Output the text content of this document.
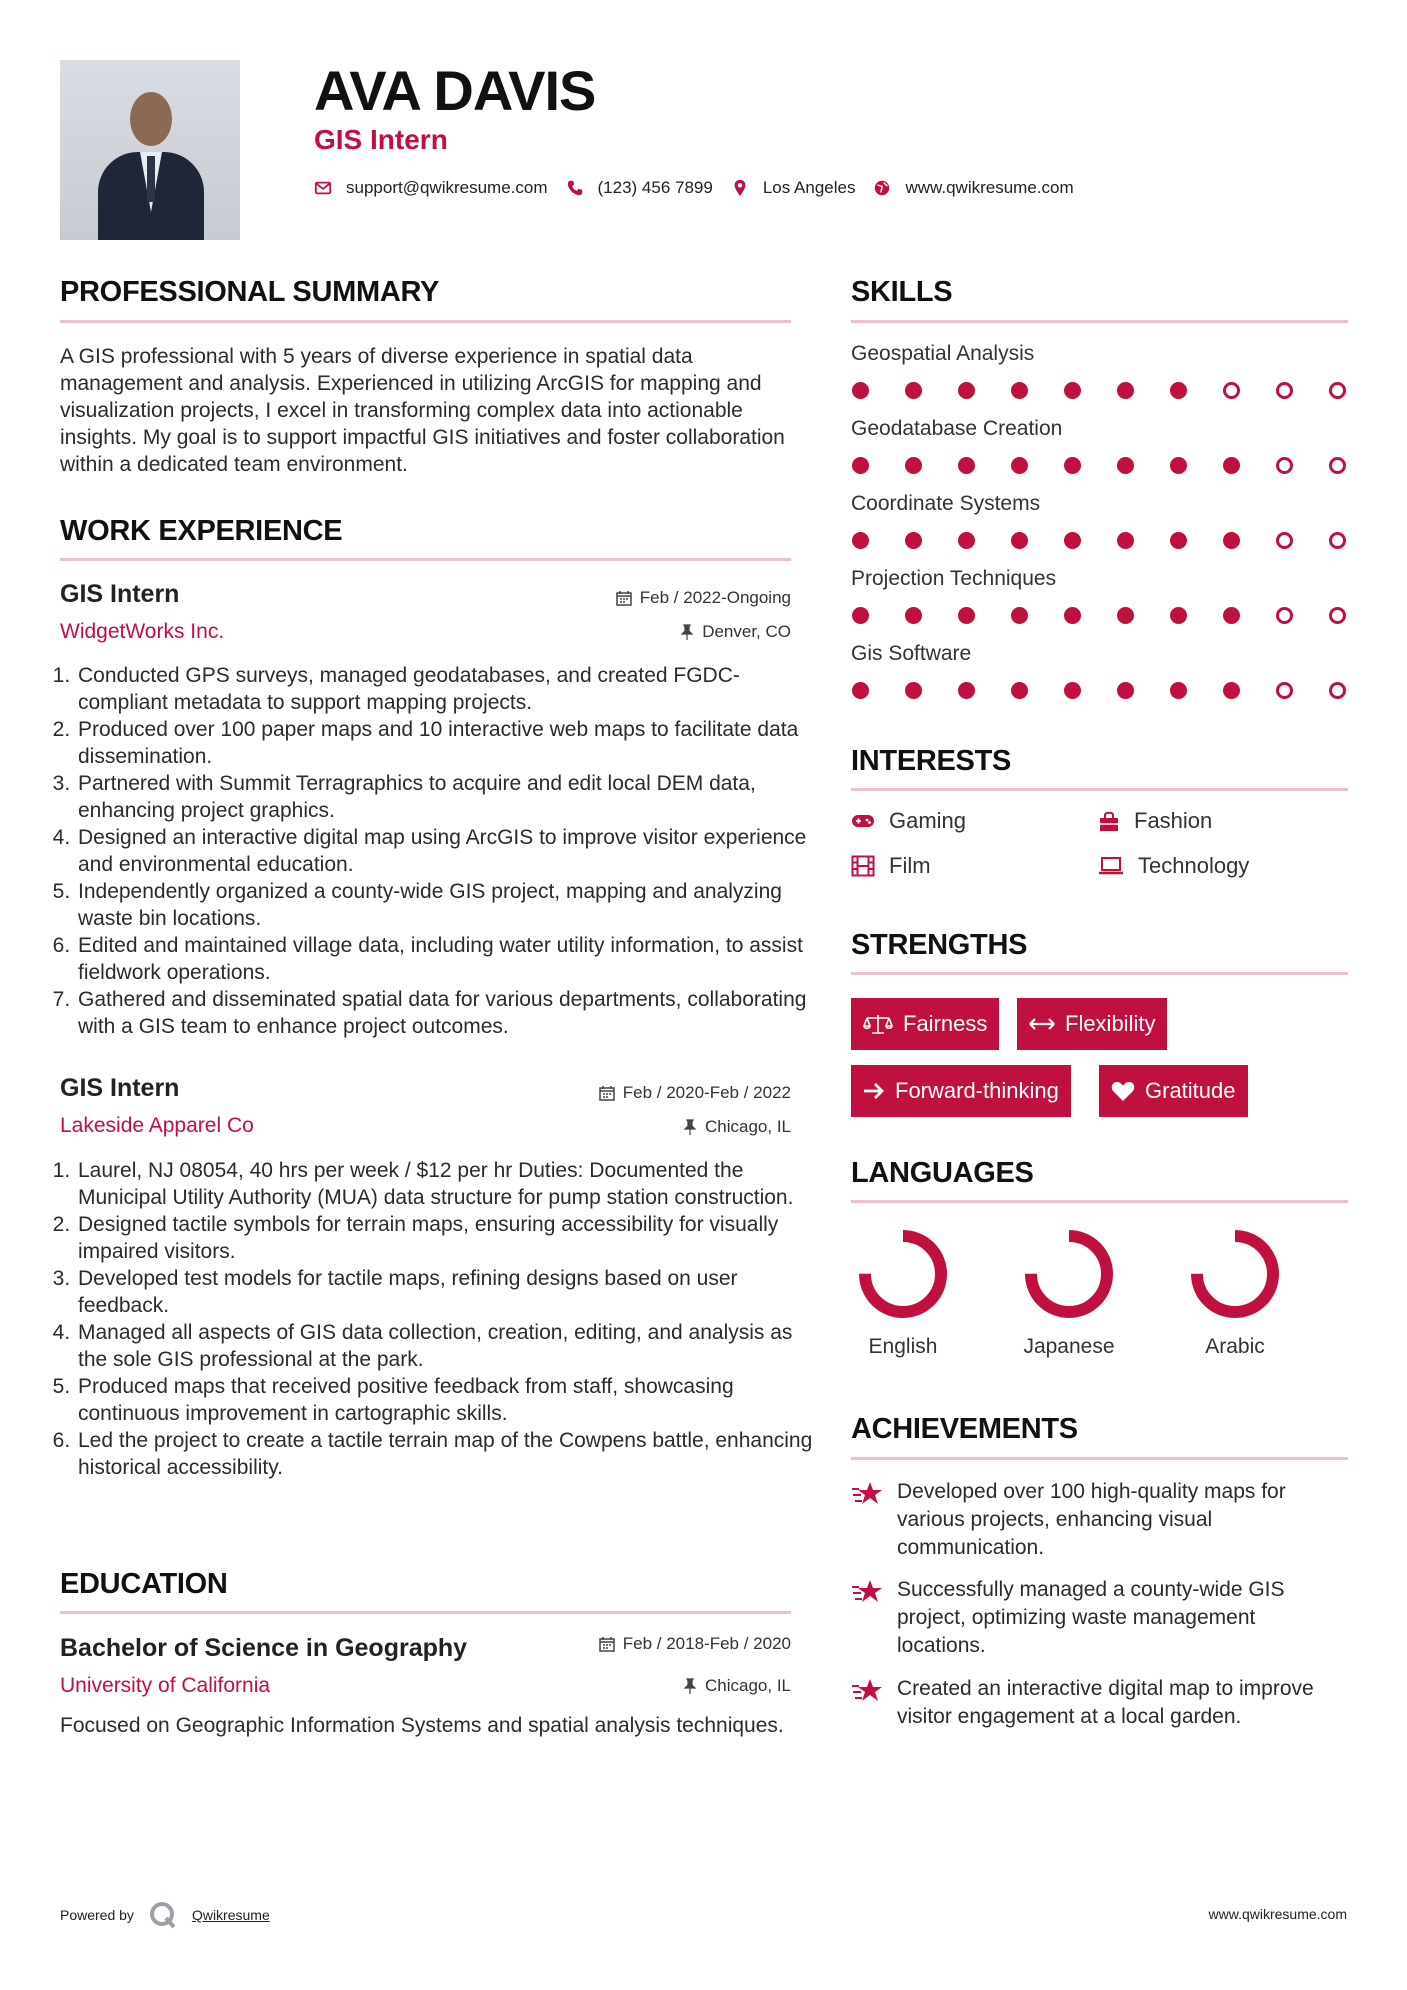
AVA DAVIS
GIS Intern
support@qwikresume.com	(123) 456 7899	Los Angeles	www.qwikresume.com
PROFESSIONAL SUMMARY

A GIS professional with 5 years of diverse experience in spatial data management and analysis. Experienced in utilizing ArcGIS for mapping and visualization projects, I excel in transforming complex data into actionable insights. My goal is to support impactful GIS initiatives and foster collaboration within a dedicated team environment.

WORK EXPERIENCE
GIS Intern	Feb / 2022-Ongoing

WidgetWorks Inc.	Denver, CO
1. Conducted GPS surveys, managed geodatabases, and created FGDC-compliant metadata to support mapping projects.
2. Produced over 100 paper maps and 10 interactive web maps to facilitate data dissemination.
3. Partnered with Summit Terragraphics to acquire and edit local DEM data, enhancing project graphics.
4. Designed an interactive digital map using ArcGIS to improve visitor experience and environmental education.
5. Independently organized a county-wide GIS project, mapping and analyzing waste bin locations.
6. Edited and maintained village data, including water utility information, to assist fieldwork operations.
7. Gathered and disseminated spatial data for various departments, collaborating with a GIS team to enhance project outcomes.
GIS Intern	Feb / 2020-Feb / 2022

Lakeside Apparel Co	Chicago, IL
1. Laurel, NJ 08054, 40 hrs per week / $12 per hr Duties: Documented the Municipal Utility Authority (MUA) data structure for pump station construction.
2. Designed tactile symbols for terrain maps, ensuring accessibility for visually impaired visitors.
3. Developed test models for tactile maps, refining designs based on user feedback.
4. Managed all aspects of GIS data collection, creation, editing, and analysis as the sole GIS professional at the park.
5. Produced maps that received positive feedback from staff, showcasing continuous improvement in cartographic skills.
6. Led the project to create a tactile terrain map of the Cowpens battle, enhancing historical accessibility.
EDUCATION
Bachelor of Science in Geography	Feb / 2018-Feb / 2020

University of California	Chicago, IL

Focused on Geographic Information Systems and spatial analysis techniques.

SKILLS

Geospatial Analysis

Geodatabase Creation

Coordinate Systems

Projection Techniques

Gis Software

INTERESTS
Gaming	Fashion
Film	Technology
STRENGTHS
Fairness	Flexibility
Forward-thinking	Gratitude
LANGUAGES
English	Japanese	Arabic
ACHIEVEMENTS
Developed over 100 high-quality maps for various projects, enhancing visual communication.
Successfully managed a county-wide GIS project, optimizing waste management locations.
Created an interactive digital map to improve visitor engagement at a local garden.
Powered by	Qwikresume	www.qwikresume.com
